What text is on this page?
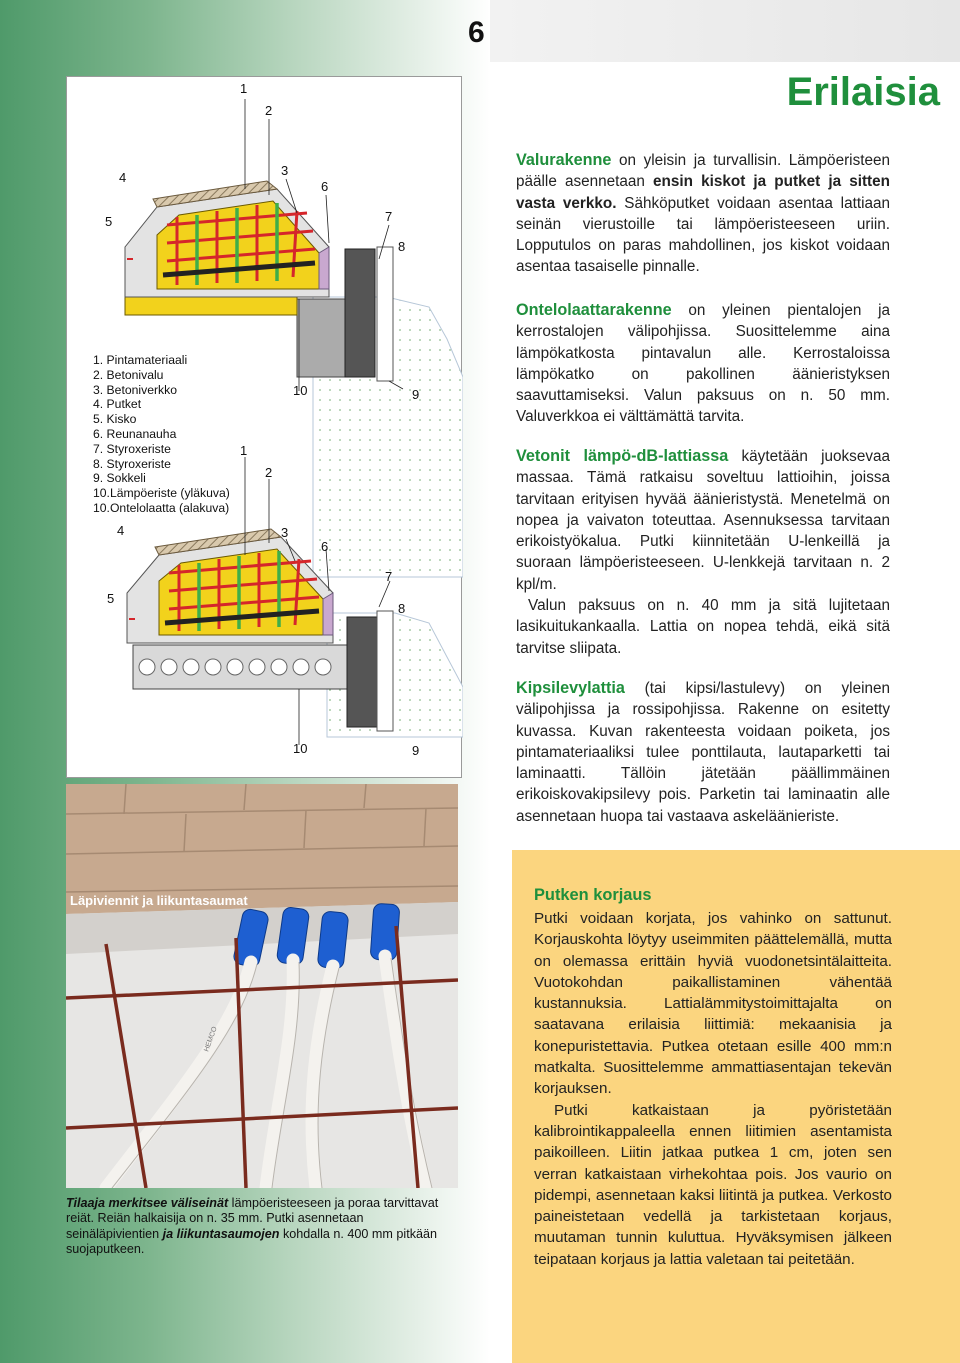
6
Erilaisia
1
2
3
4
5
6
7
8
9
10
1. Pintamateriaali
2. Betonivalu
3. Betoniverkko
4. Putket
5. Kisko
6. Reunanauha
7. Styroxeriste
8. Styroxeriste
9. Sokkeli
10.Lämpöeriste (yläkuva)
10.Ontelolaatta (alakuva)
1
2
3
4
5
6
7
8
9
10
Valurakenne on yleisin ja turvallisin. Lämpöeristeen päälle asennetaan ensin kiskot ja putket ja sitten vasta verkko. Sähköputket voidaan asentaa lattiaan seinän vierustoille tai lämpöeristeeseen uriin. Lopputulos on paras mahdollinen, jos kiskot voidaan asentaa tasaiselle pinnalle.
Ontelolaattarakenne on yleinen pientalojen ja kerrostalojen välipohjissa. Suosittelemme aina lämpökatkosta pintavalun alle. Kerrostaloissa lämpökatko on pakollinen äänieristyksen saavuttamiseksi. Valun paksuus on n. 50 mm. Valuverkkoa ei välttämättä tarvita.
Vetonit lämpö-dB-lattiassa käytetään juoksevaa massaa. Tämä ratkaisu soveltuu lattioihin, joissa tarvitaan erityisen hyvää äänieristystä. Menetelmä on nopea ja vaivaton toteuttaa. Asennuksessa tarvitaan erikoistyökalua. Putki kiinnitetään U-lenkeillä ja suoraan lämpöeristeeseen. U-lenkkejä tarvitaan n. 2 kpl/m.
Valun paksuus on n. 40 mm ja sitä lujitetaan lasikuitukankaalla. Lattia on nopea tehdä, eikä sitä tarvitse sliipata.
Kipsilevylattia (tai kipsi/lastulevy) on yleinen välipohjissa ja rossipohjissa. Rakenne on esitetty kuvassa. Kuvan rakenteesta voidaan poiketa, jos pintamateriaaliksi tulee ponttilauta, lautaparketti tai laminaatti. Tällöin jätetään päällimmäinen erikoiskovakipsilevy pois. Parketin tai laminaatin alle asennetaan huopa tai vastaava askeläänieriste.
HEMCO
Läpiviennit ja liikuntasaumat
Tilaaja merkitsee väliseinät lämpöeristeeseen ja poraa tarvittavat reiät. Reiän halkaisija on n. 35 mm. Putki asennetaan seinäläpivientien ja liikuntasaumojen kohdalla n. 400 mm pitkään suojaputkeen.
Putken korjaus

Putki voidaan korjata, jos vahinko on sattunut. Korjauskohta löytyy useimmiten päättelemällä, mutta on olemassa erittäin hyviä vuodonetsintälaitteita. Vuotokohdan paikallistaminen vähentää kustannuksia. Lattialämmitystoimittajalta on saatavana erilaisia liittimiä: mekaanisia ja konepuristettavia. Putkea otetaan esille 400 mm:n matkalta. Suosittelemme ammattiasentajan tekevän korjauksen.

Putki katkaistaan ja pyöristetään kalibrointikappaleella ennen liitimien asentamista paikoilleen. Liitin jatkaa putkea 1 cm, joten sen verran katkaistaan virhekohtaa pois. Jos vaurio on pidempi, asennetaan kaksi liitintä ja putkea. Verkosto paineistetaan vedellä ja tarkistetaan korjaus, muutaman tunnin kuluttua. Hyväksymisen jälkeen teipataan korjaus ja lattia valetaan tai peitetään.
